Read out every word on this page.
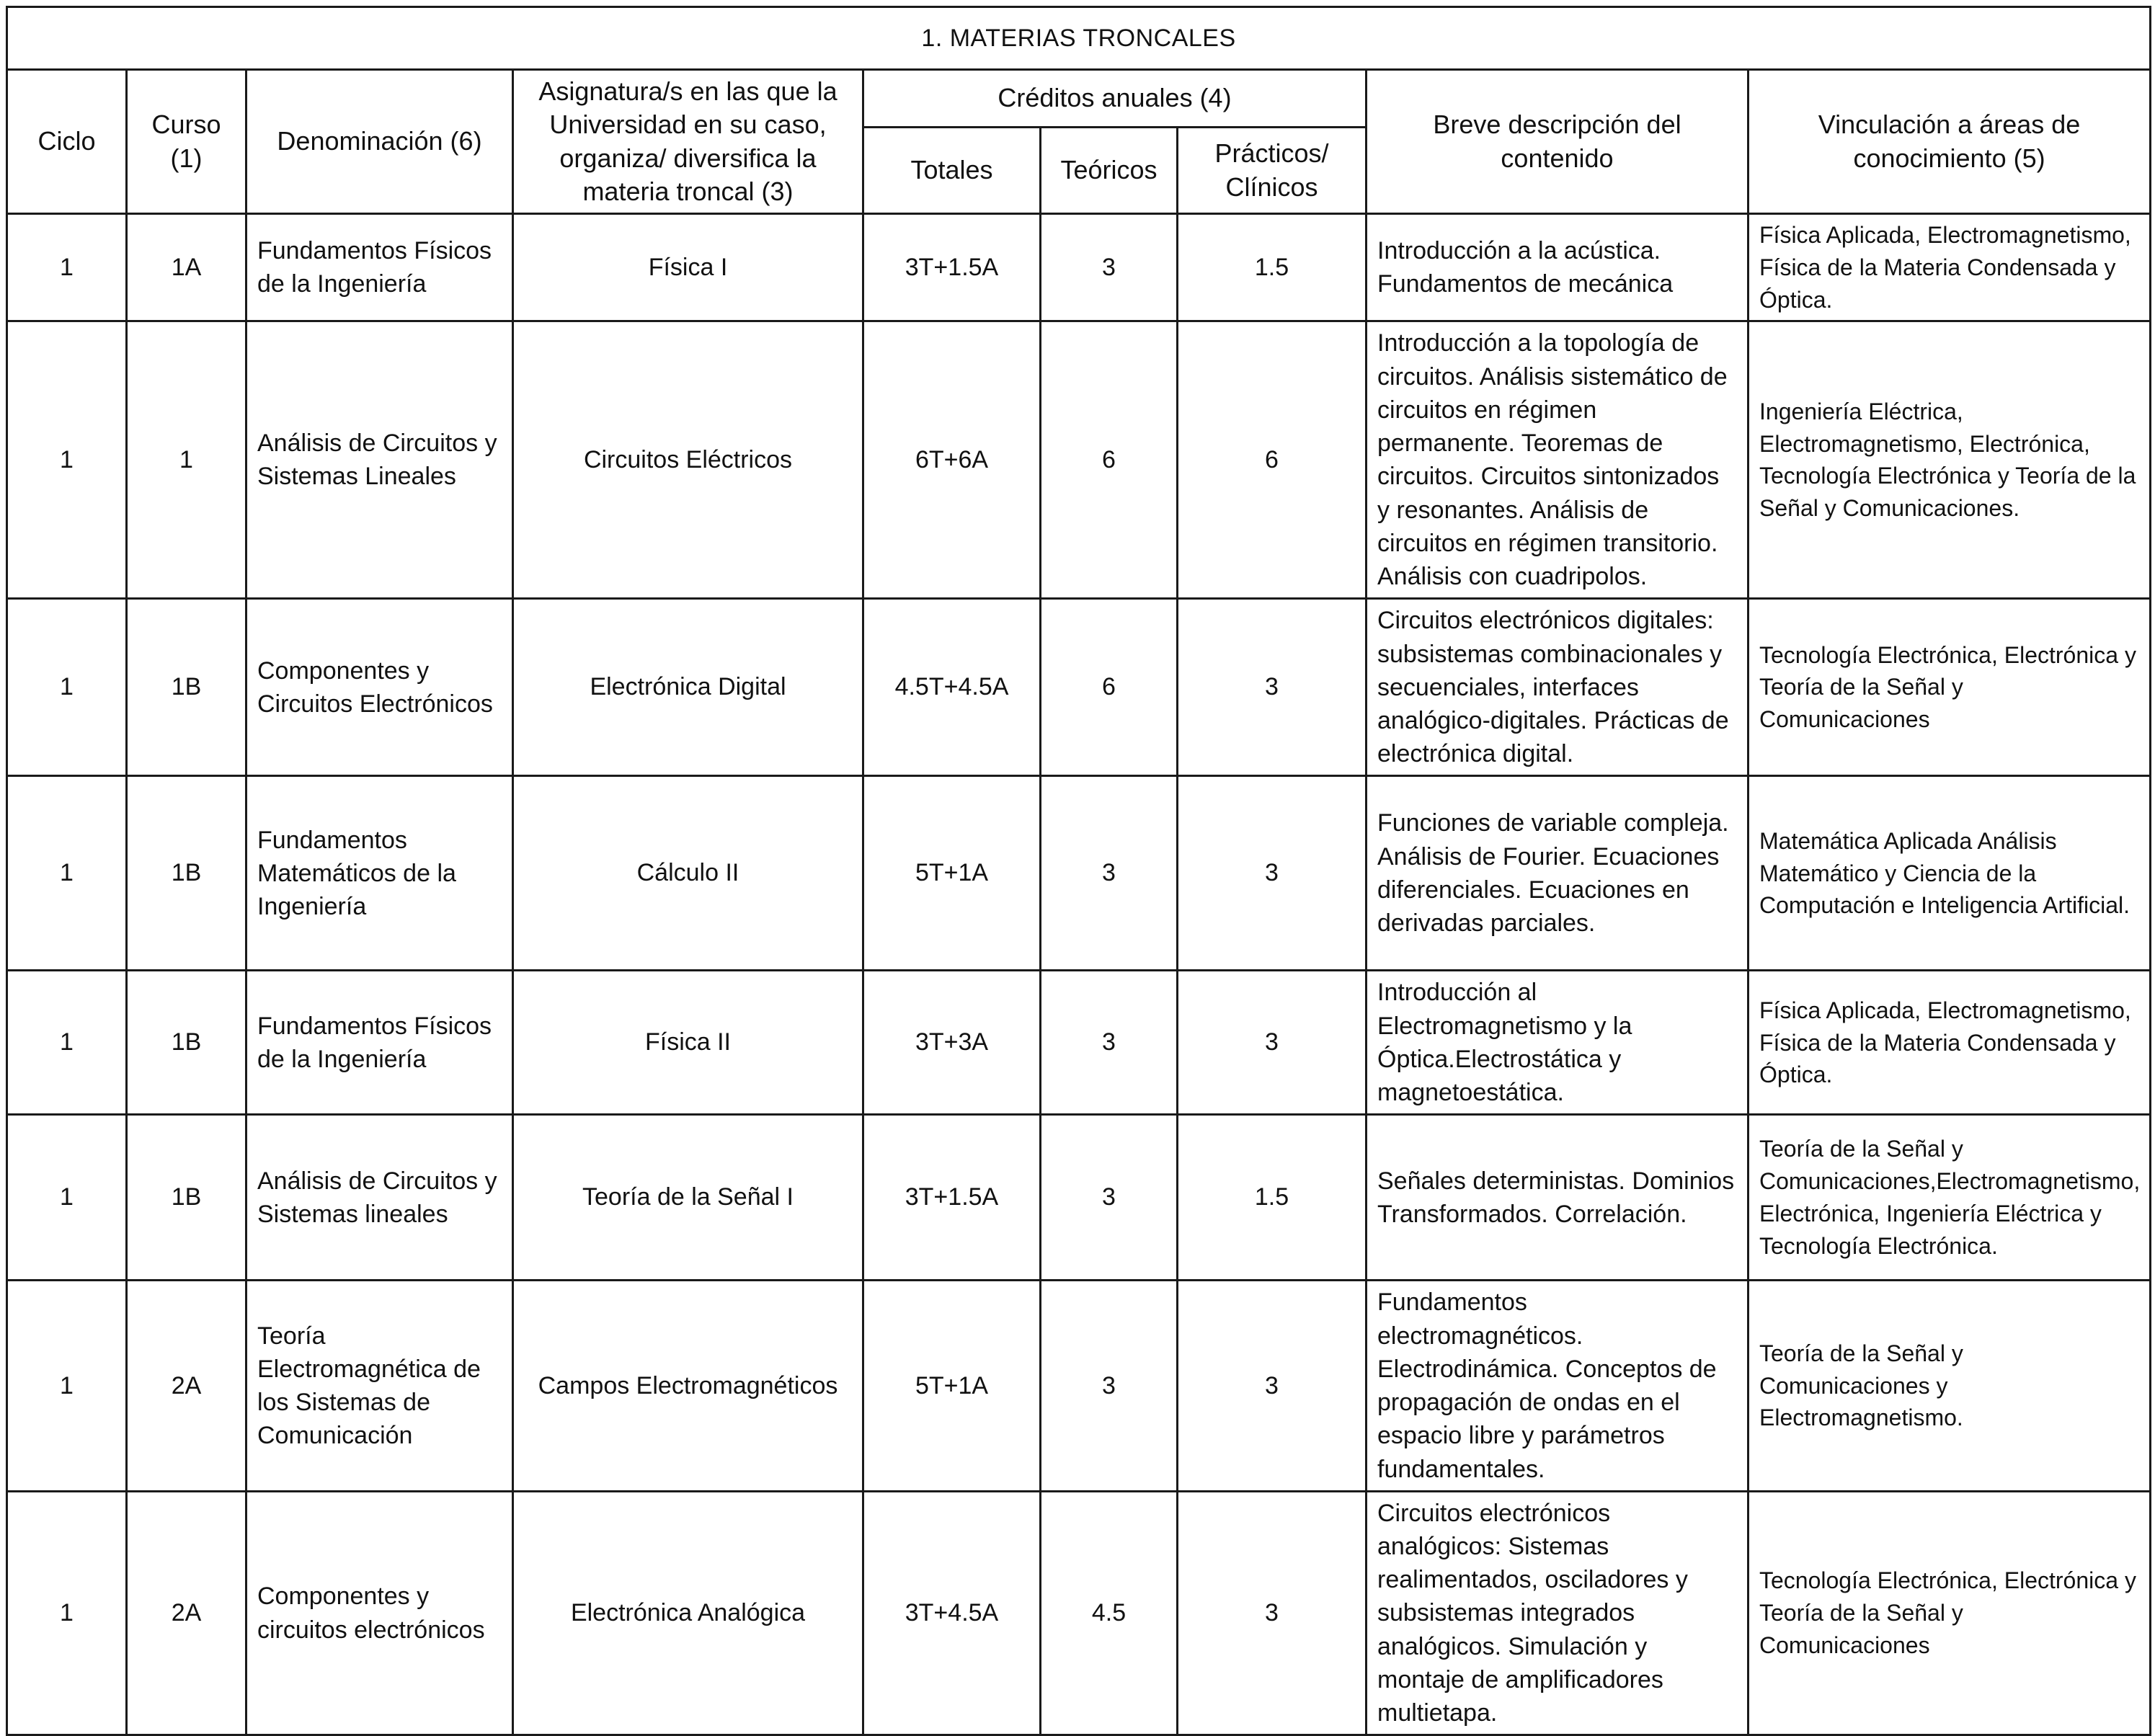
1. MATERIAS TRONCALES								
Ciclo	Curso (1)	Denominación (6)	Asignatura/s en las que la Universidad en su caso, organiza/ diversifica la materia troncal (3)	Créditos anuales (4)			Breve descripción del contenido	Vinculación a áreas de conocimiento (5)
				Totales	Teóricos	Prácticos/ Clínicos		
1	1A	Fundamentos Físicos de la Ingeniería	Física I	3T+1.5A	3	1.5	Introducción a la acústica. Fundamentos de mecánica	Física Aplicada, Electromagnetismo, Física de la Materia Condensada y Óptica.
1	1	Análisis de Circuitos y Sistemas Lineales	Circuitos Eléctricos	6T+6A	6	6	Introducción a la topología de circuitos. Análisis sistemático de circuitos en régimen permanente. Teoremas de circuitos. Circuitos sintonizados y resonantes. Análisis de circuitos en régimen transitorio. Análisis con cuadripolos.	Ingeniería Eléctrica, Electromagnetismo, Electrónica, Tecnología Electrónica y Teoría de la Señal y Comunicaciones.
1	1B	Componentes y Circuitos Electrónicos	Electrónica Digital	4.5T+4.5A	6	3	Circuitos electrónicos digitales: subsistemas combinacionales y secuenciales, interfaces analógico-digitales. Prácticas de electrónica digital.	Tecnología Electrónica, Electrónica y Teoría de la Señal y Comunicaciones
1	1B	Fundamentos Matemáticos de la Ingeniería	Cálculo II	5T+1A	3	3	Funciones de variable compleja. Análisis de Fourier. Ecuaciones diferenciales. Ecuaciones en derivadas parciales.	Matemática Aplicada Análisis Matemático y Ciencia de la Computación e Inteligencia Artificial.
1	1B	Fundamentos Físicos de la Ingeniería	Física II	3T+3A	3	3	Introducción al Electromagnetismo y la Óptica.Electrostática y magnetoestática.	Física Aplicada, Electromagnetismo, Física de la Materia Condensada y Óptica.
1	1B	Análisis de Circuitos y Sistemas lineales	Teoría de la Señal I	3T+1.5A	3	1.5	Señales deterministas. Dominios Transformados. Correlación.	Teoría de la Señal y Comunicaciones,Electromagnetismo, Electrónica, Ingeniería Eléctrica y Tecnología Electrónica.
1	2A	Teoría Electromagnética de los Sistemas de Comunicación	Campos Electromagnéticos	5T+1A	3	3	Fundamentos electromagnéticos. Electrodinámica. Conceptos de propagación de ondas en el espacio libre y parámetros fundamentales.	Teoría de la Señal y Comunicaciones y Electromagnetismo.
1	2A	Componentes y circuitos electrónicos	Electrónica Analógica	3T+4.5A	4.5	3	Circuitos electrónicos analógicos: Sistemas realimentados, osciladores y subsistemas integrados analógicos. Simulación y montaje de amplificadores multietapa.	Tecnología Electrónica, Electrónica y Teoría de la Señal y Comunicaciones
